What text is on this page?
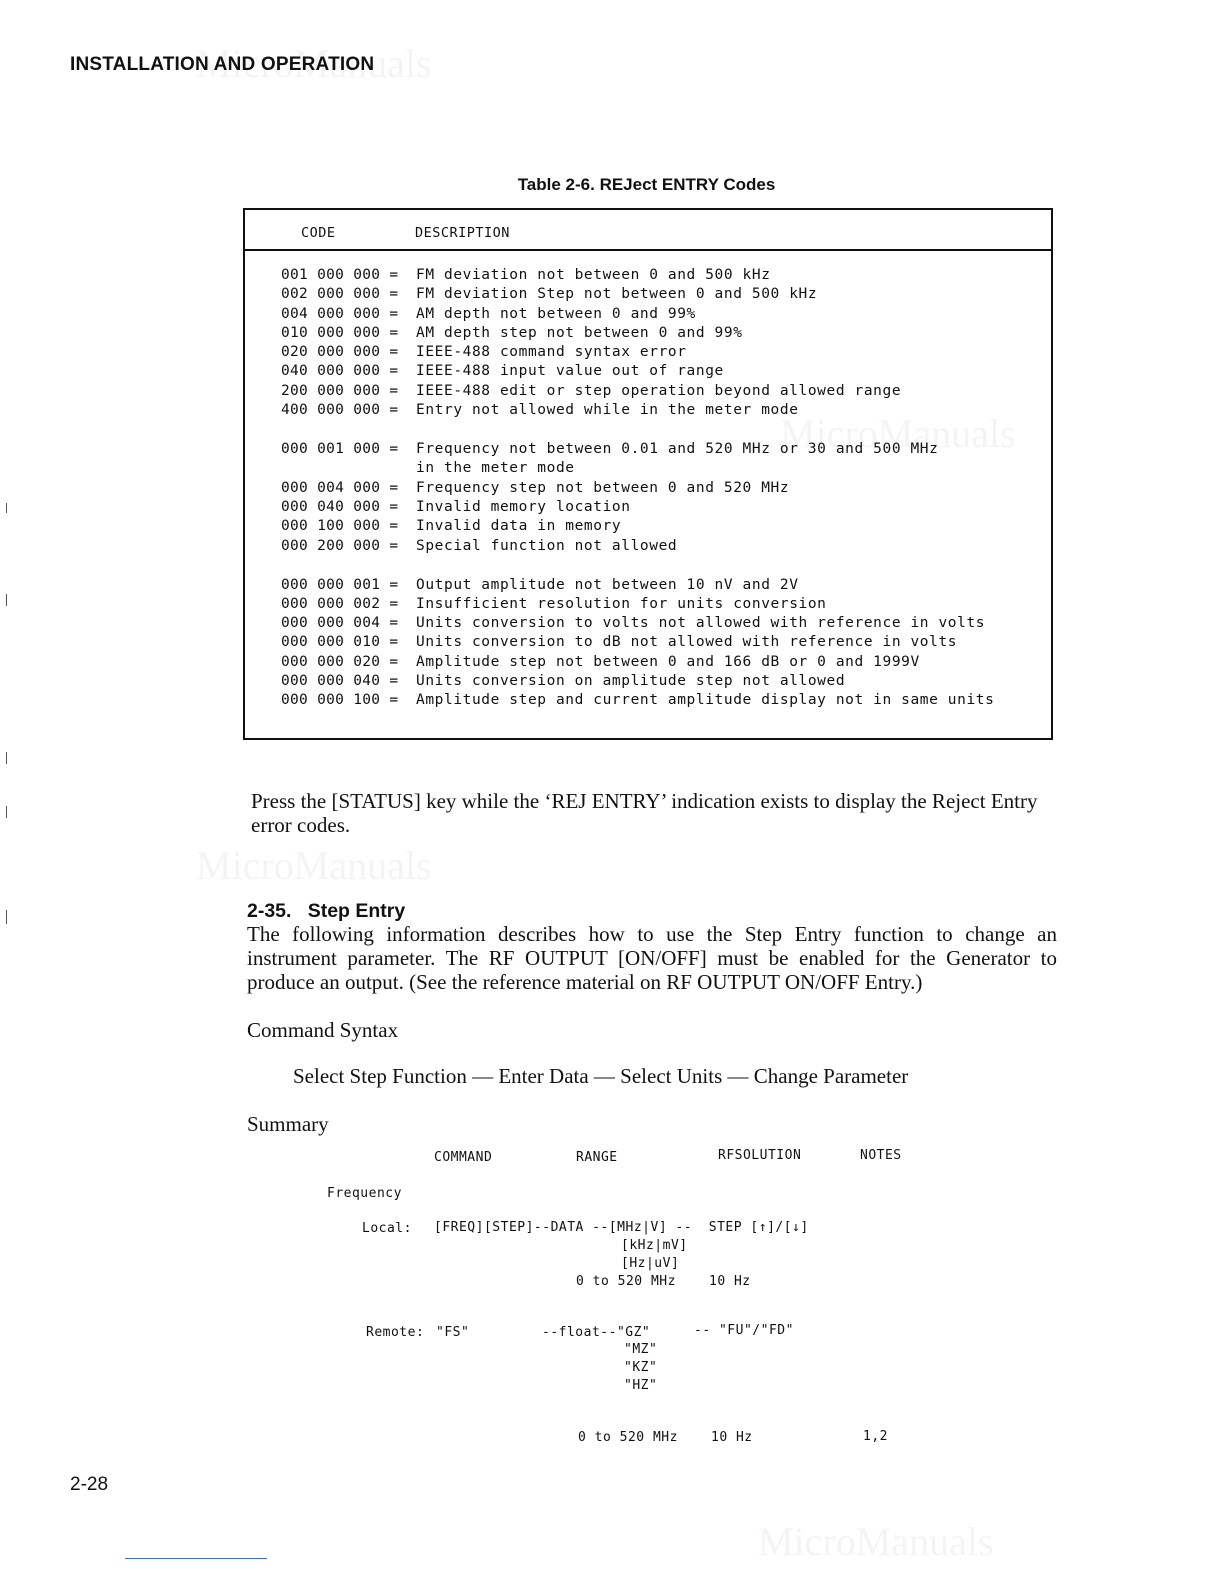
INSTALLATION AND OPERATION
Table 2-6. REJect ENTRY Codes
CODE	DESCRIPTION
001 000 000 =	FM deviation not between 0 and 500 kHz
002 000 000 =	FM deviation Step not between 0 and 500 kHz
004 000 000 =	AM depth not between 0 and 99%
010 000 000 =	AM depth step not between 0 and 99%
020 000 000 =	IEEE-488 command syntax error
040 000 000 =	IEEE-488 input value out of range
200 000 000 =	IEEE-488 edit or step operation beyond allowed range
400 000 000 =	Entry not allowed while in the meter mode
000 001 000 =	Frequency not between 0.01 and 520 MHz or 30 and 500 MHz
in the meter mode
000 004 000 =	Frequency step not between 0 and 520 MHz
000 040 000 =	Invalid memory location
000 100 000 =	Invalid data in memory
000 200 000 =	Special function not allowed
000 000 001 =	Output amplitude not between 10 nV and 2V
000 000 002 =	Insufficient resolution for units conversion
000 000 004 =	Units conversion to volts not allowed with reference in volts
000 000 010 =	Units conversion to dB not allowed with reference in volts
000 000 020 =	Amplitude step not between 0 and 166 dB or 0 and 1999V
000 000 040 =	Units conversion on amplitude step not allowed
000 000 100 =	Amplitude step and current amplitude display not in same units
Press the [STATUS] key while the ‘REJ ENTRY’ indication exists to display the Reject Entry error codes.
2-35.   Step Entry
The following information describes how to use the Step Entry function to change an instrument parameter. The RF OUTPUT [ON/OFF] must be enabled for the Generator to produce an output. (See the reference material on RF OUTPUT ON/OFF Entry.)
Command Syntax
Select Step Function — Enter Data — Select Units — Change Parameter
Summary
COMMAND	RANGE	RFSOLUTION	NOTES
Frequency
Local: [FREQ][STEP]--DATA --[MHz|V] --  STEP [↑]/[↓]
[kHz|mV]
[Hz|uV]
0 to 520 MHz	10 Hz
Remote: "FS"	--float--"GZ"	-- "FU"/"FD"
"MZ"
"KZ"
"HZ"
0 to 520 MHz	10 Hz	1,2
2-28
